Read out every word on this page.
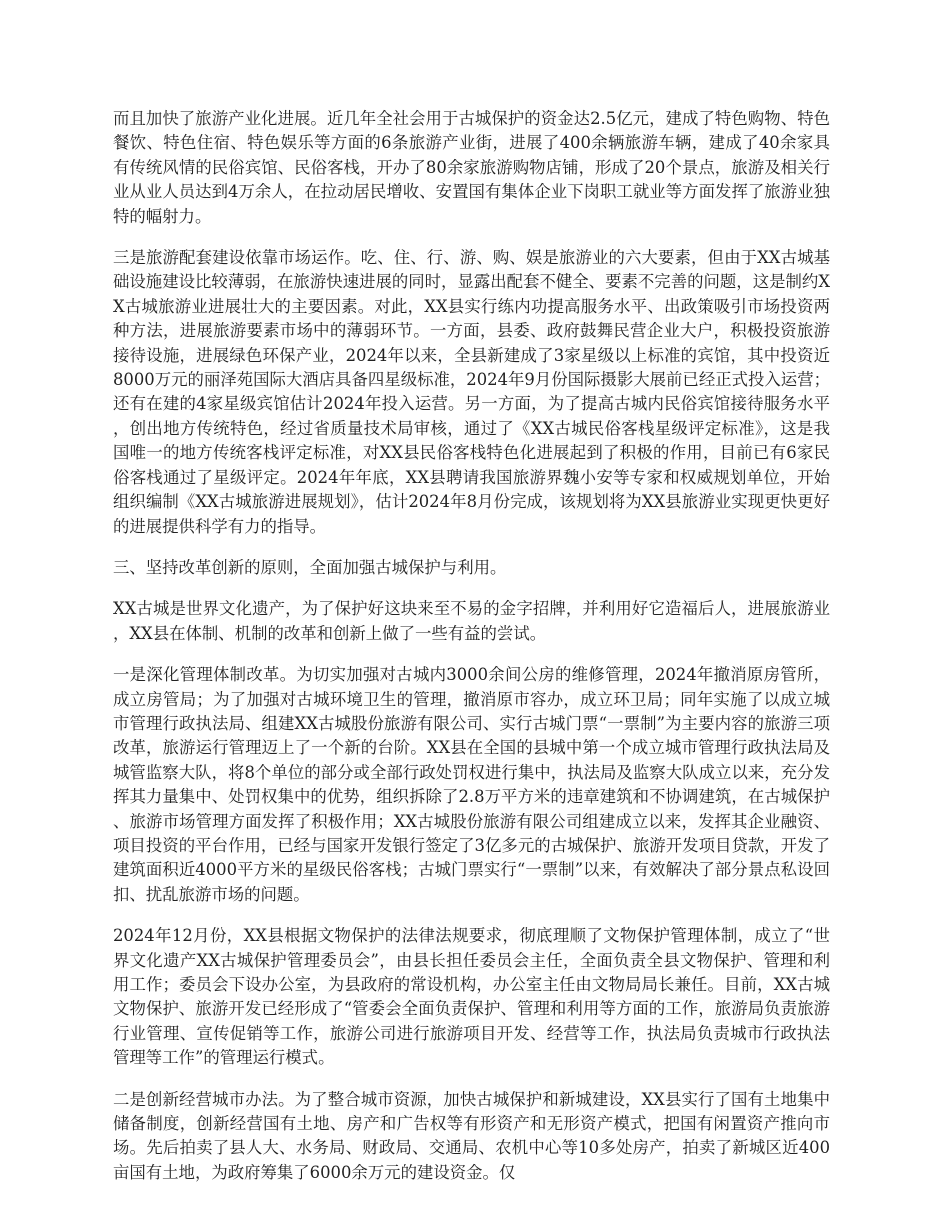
而且加快了旅游产业化进展。近几年全社会用于古城保护的资金达2.5亿元，建成了特色购物、特色餐饮、特色住宿、特色娱乐等方面的6条旅游产业街，进展了400余辆旅游车辆，建成了40余家具有传统风情的民俗宾馆、民俗客栈，开办了80余家旅游购物店铺，形成了20个景点，旅游及相关行业从业人员达到4万余人，在拉动居民增收、安置国有集体企业下岗职工就业等方面发挥了旅游业独特的幅射力。

三是旅游配套建设依靠市场运作。吃、住、行、游、购、娱是旅游业的六大要素，但由于XX古城基础设施建设比较薄弱，在旅游快速进展的同时，显露出配套不健全、要素不完善的问题，这是制约XX古城旅游业进展壮大的主要因素。对此，XX县实行练内功提高服务水平、出政策吸引市场投资两种方法，进展旅游要素市场中的薄弱环节。一方面，县委、政府鼓舞民营企业大户，积极投资旅游接待设施，进展绿色环保产业，2024年以来，全县新建成了3家星级以上标准的宾馆，其中投资近8000万元的丽泽苑国际大酒店具备四星级标准，2024年9月份国际摄影大展前已经正式投入运营；还有在建的4家星级宾馆估计2024年投入运营。另一方面，为了提高古城内民俗宾馆接待服务水平，创出地方传统特色，经过省质量技术局审核，通过了《XX古城民俗客栈星级评定标准》，这是我国唯一的地方传统客栈评定标准，对XX县民俗客栈特色化进展起到了积极的作用，目前已有6家民俗客栈通过了星级评定。2024年年底，XX县聘请我国旅游界魏小安等专家和权威规划单位，开始组织编制《XX古城旅游进展规划》，估计2024年8月份完成，该规划将为XX县旅游业实现更快更好的进展提供科学有力的指导。

三、坚持改革创新的原则，全面加强古城保护与利用。

XX古城是世界文化遗产，为了保护好这块来至不易的金字招牌，并利用好它造福后人，进展旅游业，XX县在体制、机制的改革和创新上做了一些有益的尝试。

一是深化管理体制改革。为切实加强对古城内3000余间公房的维修管理，2024年撤消原房管所，成立房管局；为了加强对古城环境卫生的管理，撤消原市容办，成立环卫局；同年实施了以成立城市管理行政执法局、组建XX古城股份旅游有限公司、实行古城门票“一票制”为主要内容的旅游三项改革，旅游运行管理迈上了一个新的台阶。XX县在全国的县城中第一个成立城市管理行政执法局及城管监察大队，将8个单位的部分或全部行政处罚权进行集中，执法局及监察大队成立以来，充分发挥其力量集中、处罚权集中的优势，组织拆除了2.8万平方米的违章建筑和不协调建筑，在古城保护、旅游市场管理方面发挥了积极作用；XX古城股份旅游有限公司组建成立以来，发挥其企业融资、项目投资的平台作用，已经与国家开发银行签定了3亿多元的古城保护、旅游开发项目贷款，开发了建筑面积近4000平方米的星级民俗客栈；古城门票实行“一票制”以来，有效解决了部分景点私设回扣、扰乱旅游市场的问题。

2024年12月份，XX县根据文物保护的法律法规要求，彻底理顺了文物保护管理体制，成立了“世界文化遗产XX古城保护管理委员会”，由县长担任委员会主任，全面负责全县文物保护、管理和利用工作；委员会下设办公室，为县政府的常设机构，办公室主任由文物局局长兼任。目前，XX古城文物保护、旅游开发已经形成了“管委会全面负责保护、管理和利用等方面的工作，旅游局负责旅游行业管理、宣传促销等工作，旅游公司进行旅游项目开发、经营等工作，执法局负责城市行政执法管理等工作”的管理运行模式。

二是创新经营城市办法。为了整合城市资源，加快古城保护和新城建设，XX县实行了国有土地集中储备制度，创新经营国有土地、房产和广告权等有形资产和无形资产模式，把国有闲置资产推向市场。先后拍卖了县人大、水务局、财政局、交通局、农机中心等10多处房产，拍卖了新城区近400亩国有土地，为政府筹集了6000余万元的建设资金。仅
